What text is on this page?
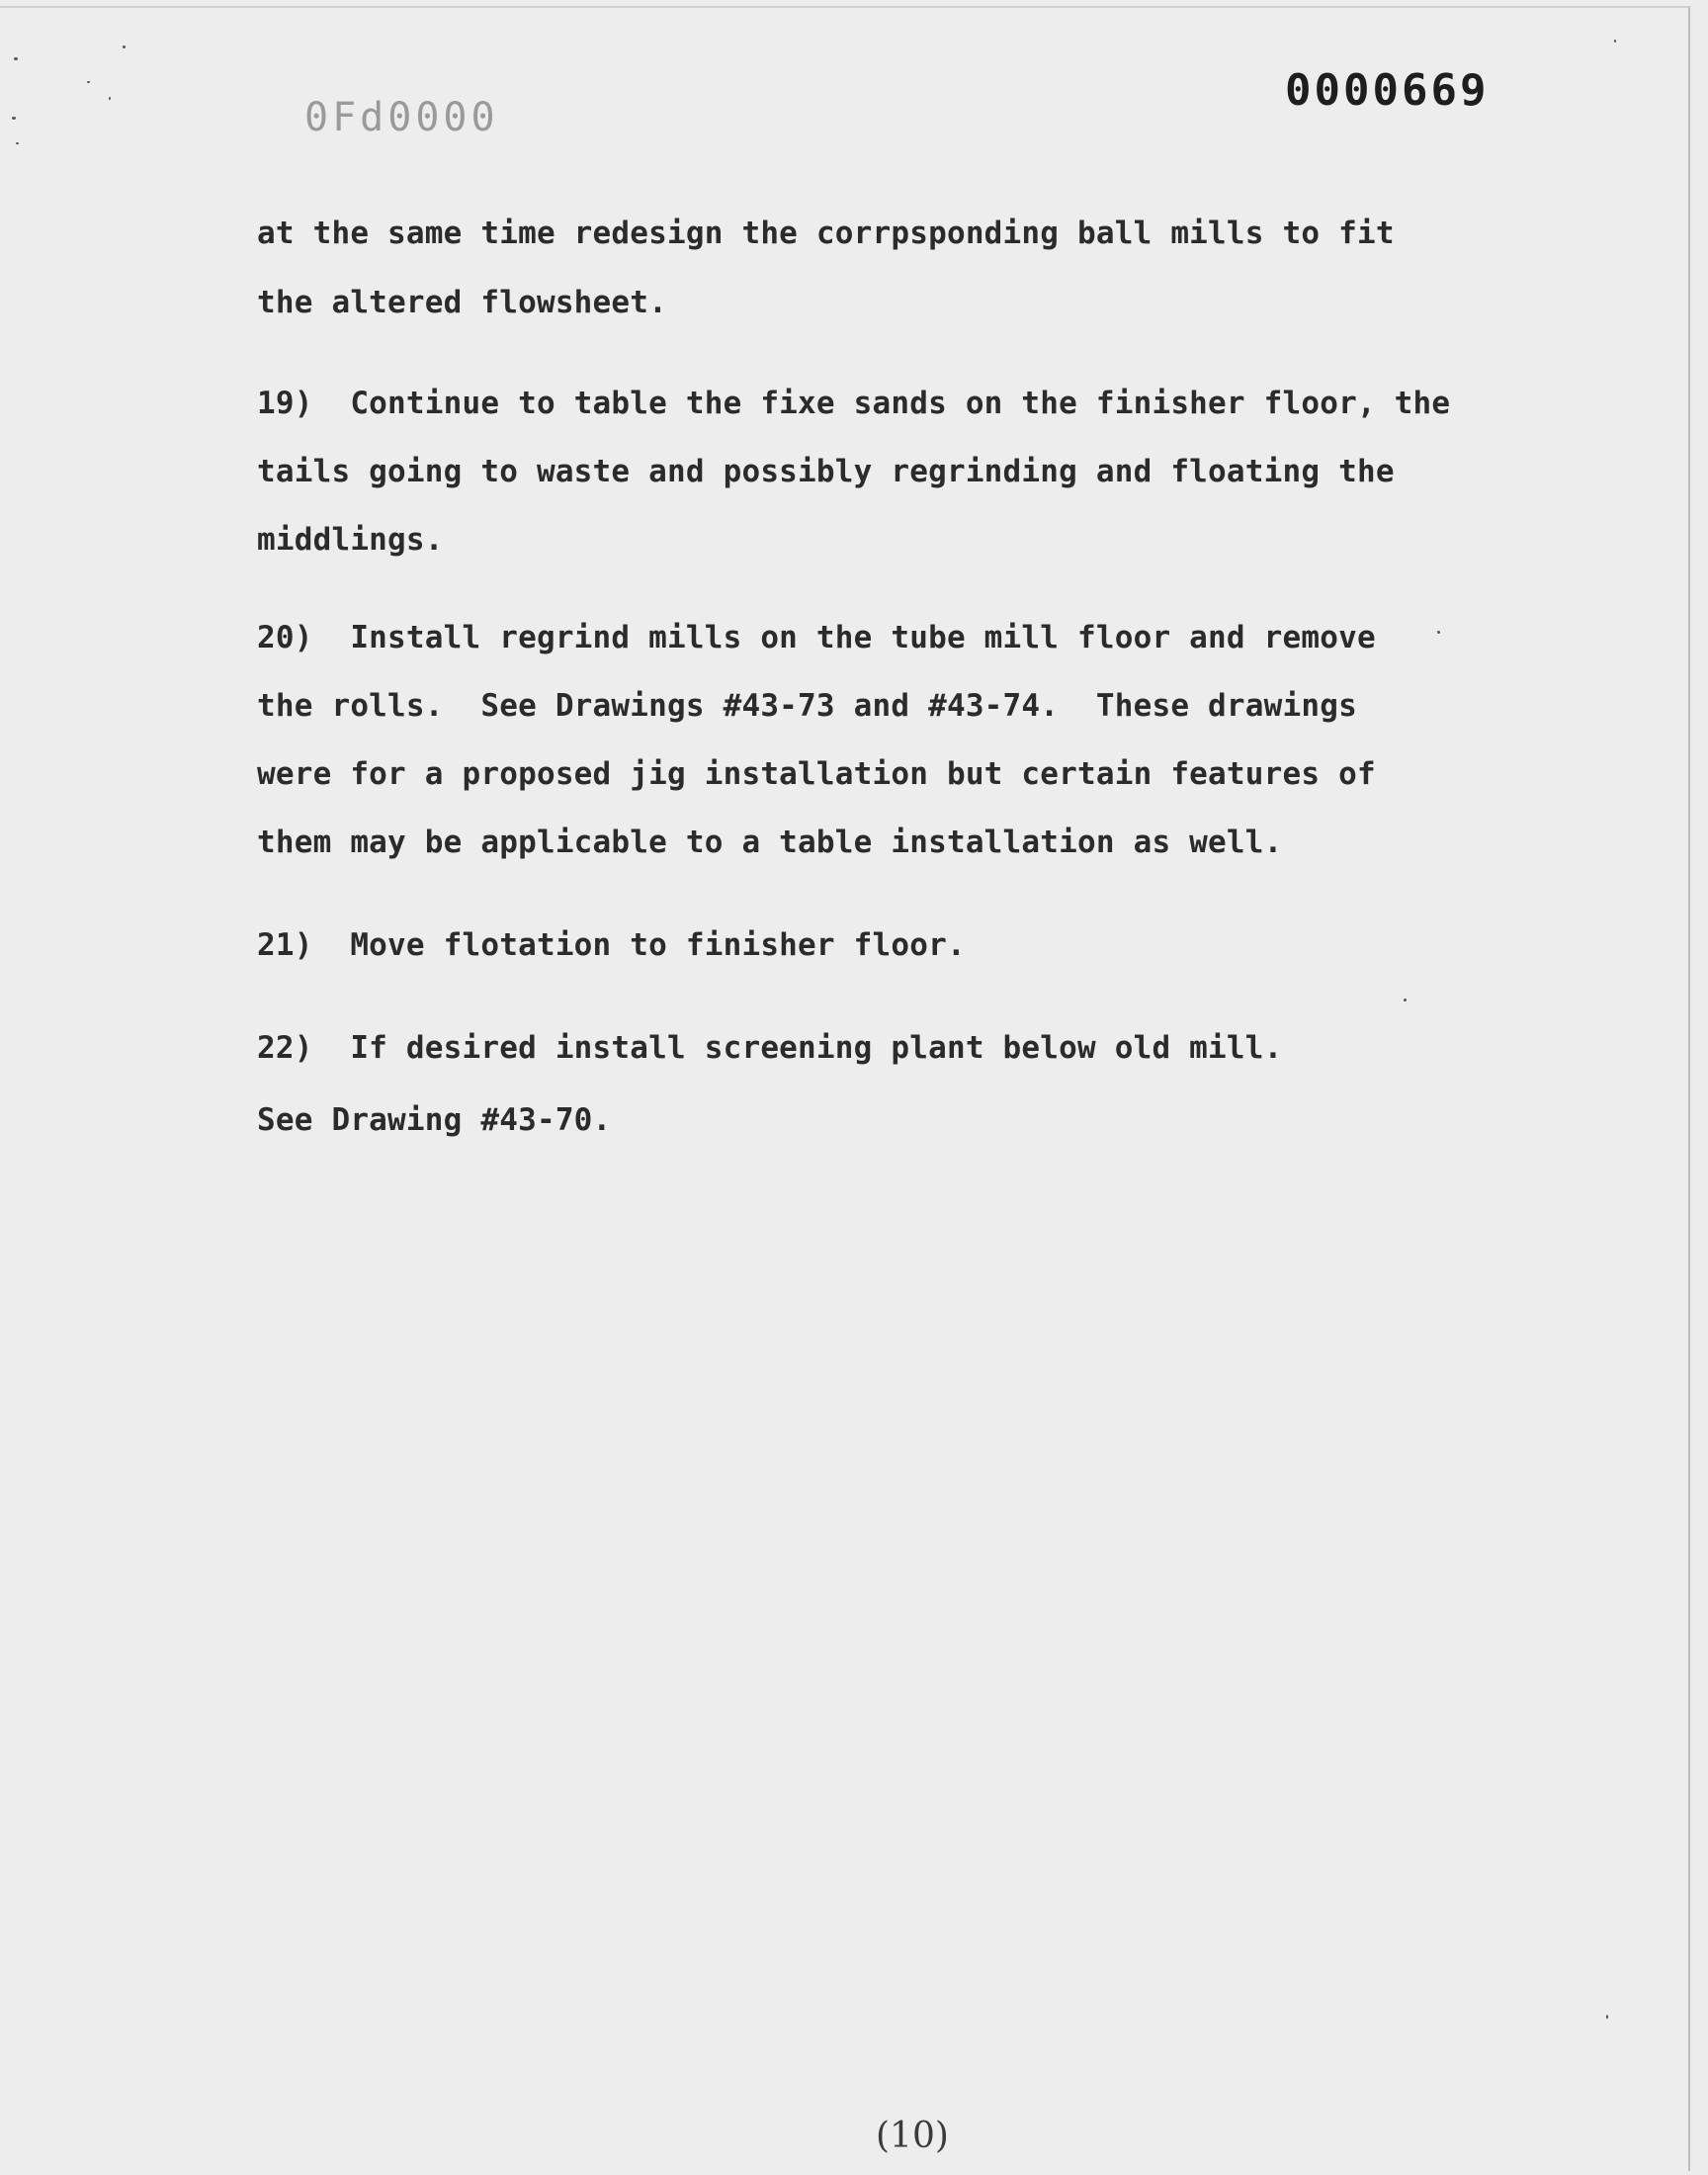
0Fd0000
0000669
at the same time redesign the corrpsponding ball mills to fit
the altered flowsheet.
19)  Continue to table the fixe sands on the finisher floor, the
tails going to waste and possibly regrinding and floating the
middlings.
20)  Install regrind mills on the tube mill floor and remove
the rolls.  See Drawings #43-73 and #43-74.  These drawings
were for a proposed jig installation but certain features of
them may be applicable to a table installation as well.
21)  Move flotation to finisher floor.
22)  If desired install screening plant below old mill.
See Drawing #43-70.
(10)
